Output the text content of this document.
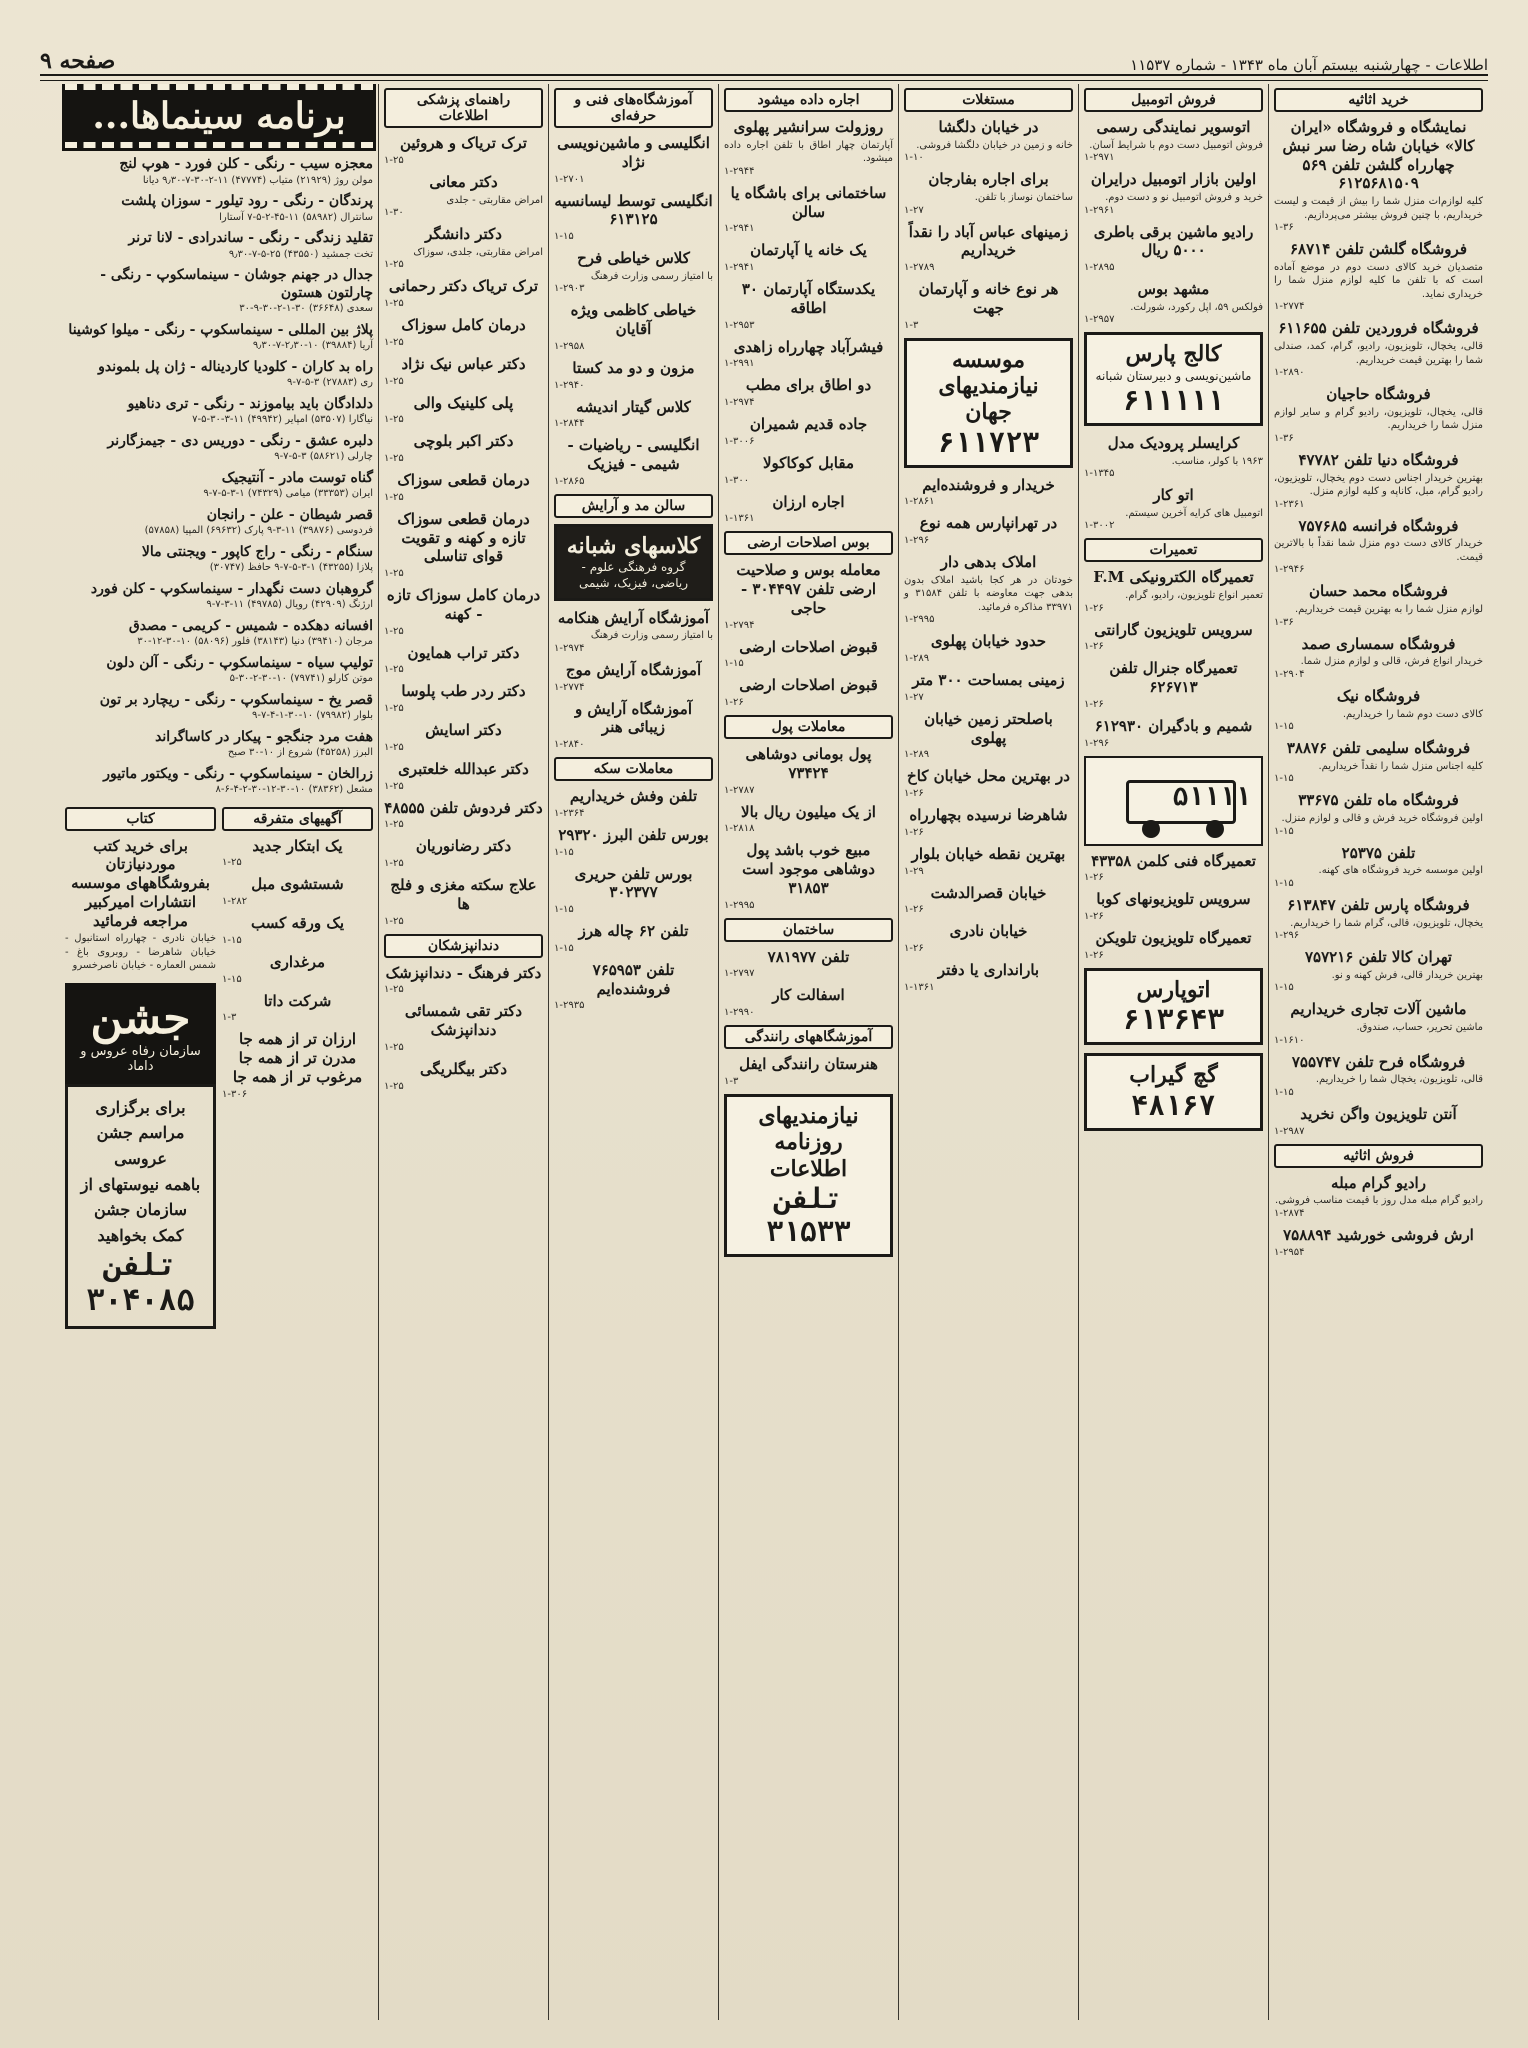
اطلاعات - چهارشنبه بیستم آبان ماه ۱۳۴۳ - شماره ۱۱۵۳۷
صفحه ۹
خرید اثاثیه
نمایشگاه و فروشگاه «ایران کالا» خیابان شاه ‌رضا سر نبش چهارراه گلشن تلفن ۵۶۹‍ ۶۱۲۵۶۸۱۵۰۹

کلیه لوازم‌ات منزل شما را بیش از قیمت و لیست خریداریم، با چنین فروش بیشتر می‌پردازیم.

۱-۳۶
فروشگاه گلشن تلفن ۶۸۷۱۴

متصدیان خرید کالای دست دوم در موضع آماده است که با تلفن ما کلیه لوازم منزل شما را خریداری نماید.

۱-۲۷۷۴
فروشگاه فروردین تلفن ۶۱۱۶۵۵

قالی، یخچال، تلویزیون، رادیو، گرام، کمد، صندلی شما را بهترین قیمت خریداریم.

۱-۲۸۹۰
فروشگاه حاجیان

قالی، یخچال، تلویزیون، رادیو گرام و سایر لوازم منزل شما را خریداریم.

۱-۳۶
فروشگاه دنیا تلفن ۴۷۷۸۲

بهترین خریدار اجناس دست دوم یخچال، تلویزیون، رادیو گرام، مبل، کاناپه و کلیه لوازم منزل.

۱-۲۳۶۱
فروشگاه فرانسه ۷۵۷۶۸۵

خریدار کالای دست دوم منزل شما نقداً با بالاترین قیمت.

۱-۲۹۴۶
فروشگاه محمد حسان

لوازم منزل شما را به بهترین قیمت خریداریم.

۱-۳۶
فروشگاه سمساری صمد

خریدار انواع فرش، قالی و لوازم منزل شما.

۱-۲۹۰۴
فروشگاه نیک

کالای دست دوم شما را خریداریم.

۱-۱۵
فروشگاه سلیمی تلفن ۳۸۸۷۶

کلیه اجناس منزل شما را نقداً خریداریم.

۱-۱۵
فروشگاه ماه تلفن ۳۳۶۷۵

اولین فروشگاه خرید فرش و قالی و لوازم منزل.

۱-۱۵
تلفن ۲۵۳۷۵

اولین موسسه خرید فروشگاه های کهنه.

۱-۱۵
فروشگاه پارس تلفن ۶۱۳۸۴۷

یخچال، تلویزیون، قالی، گرام شما را خریداریم.

۱-۲۹۶
تهران کالا تلفن ۷۵۷۲۱۶

بهترین خریدار قالی، فرش کهنه و نو.

۱-۱۵
ماشین آلات تجاری خریداریم

ماشین تحریر، حساب، صندوق.

۱-۱۶۱۰
فروشگاه فرح تلفن ۷۵۵۷۴۷

قالی، تلویزیون، یخچال شما را خریداریم.

۱-۱۵
آنتن تلویزیون واگن نخرید
۱-۲۹۸۷
فروش اثاثیه
رادیو گرام مبله

رادیو گرام مبله مدل روز با قیمت مناسب فروشی.

۱-۲۸۷۴
ارش فروشی خورشید ۷۵۸۸۹۴
۱-۲۹۵۴
فروش اتومبیل
اتوسویر نمایندگی رسمی

فروش اتومبیل دست دوم با شرایط آسان.

۱-۲۹۷۱
اولین بازار اتومبیل درایران

خرید و فروش اتومبیل نو و دست دوم.

۱-۲۹۶۱
رادیو ماشین برقی باطری ۵۰۰۰ ریال
۱-۲۸۹۵
مشهد بوس

فولکس ۵۹، اپل رکورد، شورلت.

۱-۲۹۵۷
کالج پارس
ماشین‌نویسی و دبیرستان شبانه
۶۱۱۱۱۱
کرایسلر پرودیک مدل

۱۹۶۳ با کولر، مناسب.

۱-۱۳۴۵
اتو کار

اتومبیل های کرایه آخرین سیستم.

۱-۳۰۰۲
تعمیرات
تعمیرگاه الکترونیکی F.M

تعمیر انواع تلویزیون، رادیو، گرام.

۱-۲۶
سرویس تلویزیون گارانتی
۱-۲۶
تعمیرگاه جنرال تلفن ۶۲۶۷۱۳
۱-۲۶
شمیم و بادگیران ۶۱۲۹۳۰
۱-۲۹۶
۵۱۱۱۱
تعمیرگاه فنی کلمن ۴۳۳۵۸
۱-۲۶
سرویس تلویزیونهای کوبا
۱-۲۶
تعمیرگاه تلویزیون تلویکن
۱-۲۶
اتوپارس
۶۱۳۶۴۳
گچ گیراب
۴۸۱۶۷
مستغلات
در خیابان دلگشا

خانه و زمین در خیابان دلگشا فروشی.

۱-۱۰
برای اجاره بفارجان

ساختمان نوساز با تلفن.

۱-۲۷
زمینهای عباس آباد را نقداً خریداریم
۱-۲۷۸۹
هر نوع خانه و آپارتمان جهت
۱-۳
موسسه نیازمندیهای جهان
۶۱۱۷۲۳
خریدار و فروشنده‌ایم
۱-۲۸۶۱
در تهرانپارس همه نوع
۱-۲۹۶
املاک بدهی دار

خودتان در هر کجا باشید املاک بدون بدهی جهت معاوضه با تلفن ۳۱۵۸۴ و ۳۳۹۷۱ مذاکره فرمائید.

۱-۲۹۹۵
حدود خیابان پهلوی
۱-۲۸۹
زمینی بمساحت ۳۰۰ متر
۱-۲۷
باصلحتر زمین خیابان پهلوی
۱-۲۸۹
در بهترین محل خیابان کاخ
۱-۲۶
شاهرضا نرسیده بچهارراه
۱-۲۶
بهترین نقطه خیابان بلوار
۱-۲۹
خیابان قصرالدشت
۱-۲۶
خیابان نادری
۱-۲۶
بارانداری یا دفتر
۱-۱۳۶۱
اجاره داده میشود
روزولت سرانشیر پهلوی

آپارتمان چهار اطاق با تلفن اجاره داده میشود.

۱-۲۹۴۴
ساختمانی برای باشگاه یا سالن
۱-۲۹۴۱
یک خانه یا آپارتمان
۱-۲۹۴۱
یکدستگاه آپارتمان ۳۰ اطاقه
۱-۲۹۵۳
فیشرآباد چهارراه زاهدی
۱-۲۹۹۱
دو اطاق برای مطب
۱-۲۹۷۴
جاده قدیم شمیران
۱-۳۰۰۶
مقابل کوکاکولا
۱-۳۰۰
اجاره ارزان
۱-۱۳۶۱
بوس اصلاحات ارضی
معامله بوس و صلاحیت ارضی تلفن ۳۰۴۴۹۷ - حاجی
۱-۲۷۹۴
قبوض اصلاحات ارضی
۱-۱۵
قبوض اصلاحات ارضی
۱-۲۶
معاملات پول
پول بومانی دوشاهی ۷۳۴۲۴
۱-۲۷۸۷
از یک میلیون ریال بالا
۱-۲۸۱۸
مبیع خوب باشد پول دوشاهی موجود است ۳۱۸۵۳
۱-۲۹۹۵
ساختمان
تلفن ۷۸۱۹۷۷
۱-۲۷۹۷
اسفالت کار
۱-۲۹۹۰
آموزشگاههای رانندگی
هنرستان رانندگی ایفل
۱-۳
نیازمندیهای روزنامه اطلاعات
تلفن ۳۱۵۳۳
آموزشگاه‌های فنی و حرفه‌ای
انگلیسی و ماشین‌نویسی نژاد
۱-۲۷۰۱
انگلیسی توسط لیسانسیه ۶۱۳۱۲۵
۱-۱۵
کلاس خیاطی فرح

با امتیاز رسمی وزارت فرهنگ

۱-۲۹۰۳
خیاطی کاظمی ویژه آقایان
۱-۲۹۵۸
مزون و دو مد کستا
۱-۲۹۴۰
کلاس گیتار اندیشه
۱-۲۸۴۴
انگلیسی - ریاضیات - شیمی - فیزیک
۱-۲۸۶۵
سالن مد و آرایش
کلاسهای شبانه
گروه فرهنگی علوم - ریاضی، فیزیک، شیمی
آموزشگاه آرایش هنکامه

با امتیاز رسمی وزارت فرهنگ

۱-۲۹۷۴
آموزشگاه آرایش موج
۱-۲۷۷۴
آموزشگاه آرایش و زیبائی هنر
۱-۲۸۴۰
معاملات سکه
تلفن وفش خریداریم
۱-۲۳۶۴
بورس تلفن البرز ۲۹۳۲۰
۱-۱۵
بورس تلفن حریری ۳۰۲۳۷۷
۱-۱۵
تلفن ۶۲ چاله هرز
۱-۱۵
تلفن ۷۶۵۹۵۳ فروشنده‌ایم
۱-۲۹۳۵
راهنمای پزشکی اطلاعات
ترک تریاک و هروئین
۱-۲۵
دکتر معانی

امراض مقاربتی - جلدی

۱-۳۰
دکتر دانشگر

امراض مقاربتی، جلدی، سوزاک

۱-۲۵
ترک تریاک دکتر رحمانی
۱-۲۵
درمان کامل سوزاک
۱-۲۵
دکتر عباس نیک نژاد
۱-۲۵
پلی کلینیک والی
۱-۲۵
دکتر اکبر بلوچی
۱-۲۵
درمان قطعی سوزاک
۱-۲۵
درمان قطعی سوزاک تازه و کهنه و تقویت قوای تناسلی
۱-۲۵
درمان کامل سوزاک تازه - کهنه
۱-۲۵
دکتر تراب همایون
۱-۲۵
دکتر ردر طب پلوسا
۱-۲۵
دکتر اسایش
۱-۲۵
دکتر عبدالله خلعتبری
۱-۲۵
دکتر فردوش تلفن ۴۸۵۵۵
۱-۲۵
دکتر رضانوریان
۱-۲۵
علاج سکته مغزی و فلج ها
۱-۲۵
دندانپزشکان
دکتر فرهنگ - دندانپزشک
۱-۲۵
دکتر تقی شمسائی دندانپزشک
۱-۲۵
دکتر بیگلریگی
۱-۲۵
برنامه سینماها...
معجزه سیب - رنگی - کلن فورد - هوپ لنج
مولن روژ (۲۱۹۲۹) متیاب (۴۷۷۷۴) ۱۱-۲-۳۰-۷-۹٫۳۰ دیانا
پرندگان - رنگی - رود تیلور - سوزان پلشت
سانترال (۵۸۹۸۲) ۱۱-۴۵-۲-۵-۷ آستارا
تقلید زندگی - رنگی - ساندرادی - لانا ترنر
تخت جمشید (۴۳۵۵۰) ۲۵-۵-۷-۹٫۳۰
جدال در جهنم جوشان - سینماسکوپ - رنگی - چارلتون هستون
سعدی (۳۶۶۴۸) ۳۰-۱-۲-۳۰-۹-۳۰
پلاژ بین المللی - سینماسکوپ - رنگی - میلوا کوشینا
آریا (۳۹۸۸۴) ۱۰-۲٫۳۰-۷-۹٫۳۰
راه بد کاران - کلودیا کاردیناله - ژان پل بلموندو
ری (۲۷۸۸۳) ۳-۵-۷-۹
دلدادگان باید بیاموزند - رنگی - تری دناهیو
نیاگارا (۵۳۵۰۷) امپایر (۴۹۹۴۲) ۱۱-۳-۳۰-۵-۷
دلبره عشق - رنگی - دوریس دی - جیمزگارنر
چارلی (۵۸۶۲۱) ۳-۵-۷-۹
گناه توست مادر - آنتیجیک
ایران (۳۳۳۵۳) میامی (۷۴۳۲۹) ۱-۳-۵-۷-۹
قصر شیطان - علن - رانجان
فردوسی (۳۹۸۷۶) ۱۱-۳-۹ پارک (۶۹۶۳۲) المپیا (۵۷۸۵۸)
سنگام - رنگی - راج کاپور - ویجنتی مالا
پلازا (۴۳۲۵۵) ۱-۳-۵-۷-۹ حافظ (۳۰۷۴۷)
گروهبان دست نگهدار - سینماسکوپ - کلن فورد
ارژنگ (۴۲۹۰۹) رویال (۴۹۷۸۵) ۱۱-۳-۷-۹
افسانه دهکده - شمیس - کریمی - مصدق
مرجان (۳۹۴۱۰) دنیا (۳۸۱۴۳) فلور (۵۸۰۹۶) ۱۰-۳۰-۱۲-۳۰
تولیپ سیاه - سینماسکوپ - رنگی - آلن دلون
موتن کارلو (۷۹۷۴۱) ۱۰-۳۰-۲-۳۰-۵
قصر یخ - سینماسکوپ - رنگی - ریچارد بر تون
بلوار (۷۹۹۸۲) ۱۰-۳۰-۱-۴-۷-۹
هفت مرد جنگجو - پیکار در کاساگراند
البرز (۴۵۲۵۸) شروع از ۱۰-۳۰ صبح
زرالخان - سینماسکوپ - رنگی - ویکتور ماتیور
مشعل (۳۸۳۶۲) ۱۰-۳۰-۱۲-۳۰-۲-۴-۶-۸
آگهیهای متفرقه
یک ابتکار جدید
۱-۲۵
شستشوی مبل
۱-۲۸۲
یک ورقه کسب
۱-۱۵
مرغداری
۱-۱۵
شرکت داتا
۱-۳
ارزان تر از همه جا مدرن تر از همه جا مرغوب تر از همه جا
۱-۳۰۶
کتاب
برای خرید کتب موردنیازتان بفروشگاههای موسسه انتشارات امیرکبیر مراجعه فرمائید

خیابان نادری - چهارراه استانبول - خیابان شاهرضا - روبروی باغ - شمس العماره - خیابان ناصرخسرو

جشن
سازمان رفاه عروس و داماد
برای برگزاری
مراسم جشن عروسی
باهمه نیوستهای از
سازمان جشن کمک بخواهید
تلفن ۳۰۴۰۸۵
